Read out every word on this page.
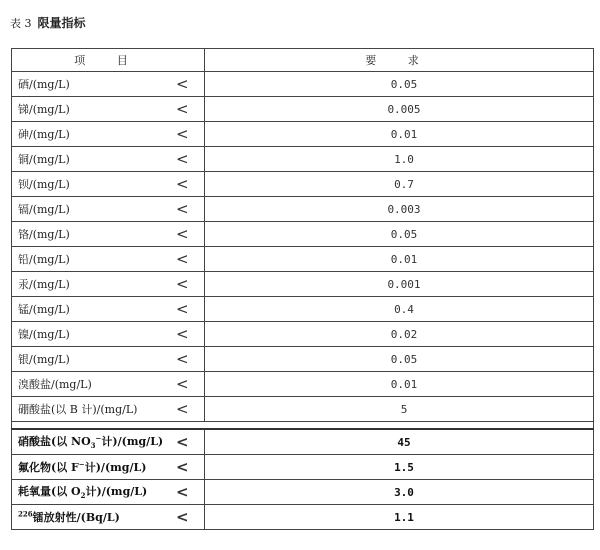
表 3 限量指标
项 目	要 求
硒/(mg/L) <	0.05
锑/(mg/L) <	0.005
砷/(mg/L) <	0.01
铜/(mg/L) <	1.0
钡/(mg/L) <	0.7
镉/(mg/L) <	0.003
铬/(mg/L) <	0.05
铅/(mg/L) <	0.01
汞/(mg/L) <	0.001
锰/(mg/L) <	0.4
镍/(mg/L) <	0.02
银/(mg/L) <	0.05
溴酸盐/(mg/L) <	0.01
硼酸盐(以 B 计)/(mg/L) <	5

硝酸盐(以 $NO_3^-$计)/(mg/L) <	45
氟化物(以 F−计)/(mg/L) <	1.5
耗氧量(以 $O_2$计)/(mg/L) <	3.0
$^{226}$镭放射性/(Bq/L) <	1.1
